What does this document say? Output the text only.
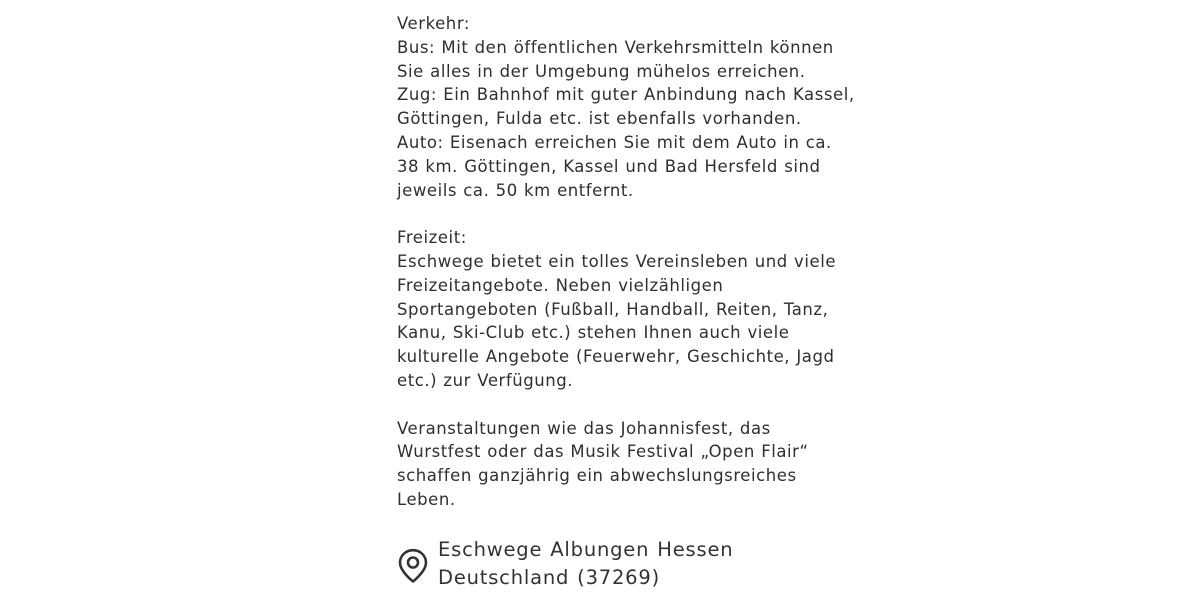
Verkehr:
Bus: Mit den öffentlichen Verkehrsmitteln können
Sie alles in der Umgebung mühelos erreichen.
Zug: Ein Bahnhof mit guter Anbindung nach Kassel,
Göttingen, Fulda etc. ist ebenfalls vorhanden.
Auto: Eisenach erreichen Sie mit dem Auto in ca.
38 km. Göttingen, Kassel und Bad Hersfeld sind
jeweils ca. 50 km entfernt.

Freizeit:
Eschwege bietet ein tolles Vereinsleben und viele
Freizeitangebote. Neben vielzähligen
Sportangeboten (Fußball, Handball, Reiten, Tanz,
Kanu, Ski-Club etc.) stehen Ihnen auch viele
kulturelle Angebote (Feuerwehr, Geschichte, Jagd
etc.) zur Verfügung.

Veranstaltungen wie das Johannisfest, das
Wurstfest oder das Musik Festival „Open Flair“
schaffen ganzjährig ein abwechslungsreiches
Leben.

Eschwege Albungen Hessen
Deutschland (37269)
